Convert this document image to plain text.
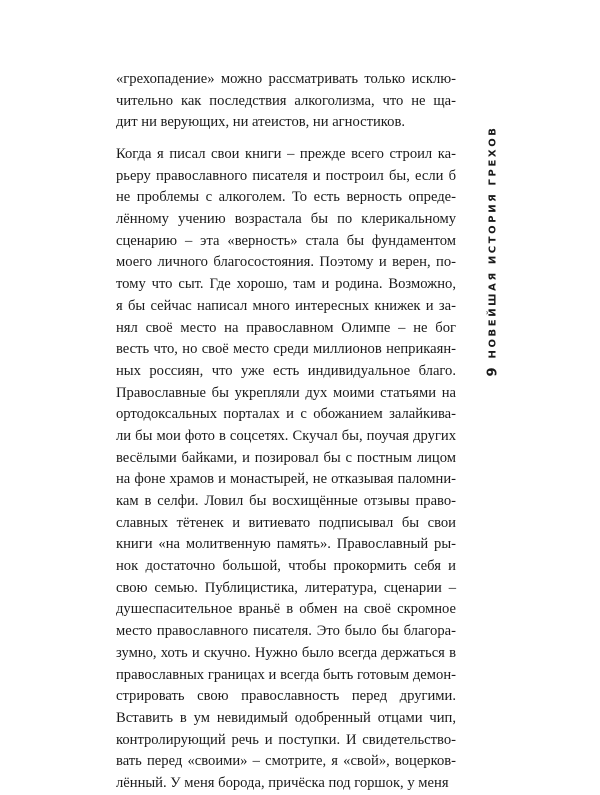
«грехопадение» можно рассматривать только исклю-
чительно как последствия алкоголизма, что не ща-
дит ни верующих, ни атеистов, ни агностиков.
Когда я писал свои книги – прежде всего строил ка-
рьеру православного писателя и построил бы, если б
не проблемы с алкоголем. То есть верность опреде-
лённому учению возрастала бы по клерикальному
сценарию – эта «верность» стала бы фундаментом
моего личного благосостояния. Поэтому и верен, по-
тому что сыт. Где хорошо, там и родина. Возможно,
я бы сейчас написал много интересных книжек и за-
нял своё место на православном Олимпе – не бог
весть что, но своё место среди миллионов неприкаян-
ных россиян, что уже есть индивидуальное благо.
Православные бы укрепляли дух моими статьями на
ортодоксальных порталах и с обожанием залайкива-
ли бы мои фото в соцсетях. Скучал бы, поучая других
весёлыми байками, и позировал бы с постным лицом
на фоне храмов и монастырей, не отказывая паломни-
кам в селфи. Ловил бы восхищённые отзывы право-
славных тётенек и витиевато подписывал бы свои
книги «на молитвенную память». Православный ры-
нок достаточно большой, чтобы прокормить себя и
свою семью. Публицистика, литература, сценарии –
душеспасительное враньё в обмен на своё скромное
место православного писателя. Это было бы благора-
зумно, хоть и скучно. Нужно было всегда держаться в
православных границах и всегда быть готовым демон-
стрировать свою православность перед другими.
Вставить в ум невидимый одобренный отцами чип,
контролирующий речь и поступки. И свидетельство-
вать перед «своими» – смотрите, я «свой», воцерков-
лённый. У меня борода, причёска под горшок, у меня
НОВЕЙШАЯ ИСТОРИЯ ГРЕХОВ
9
